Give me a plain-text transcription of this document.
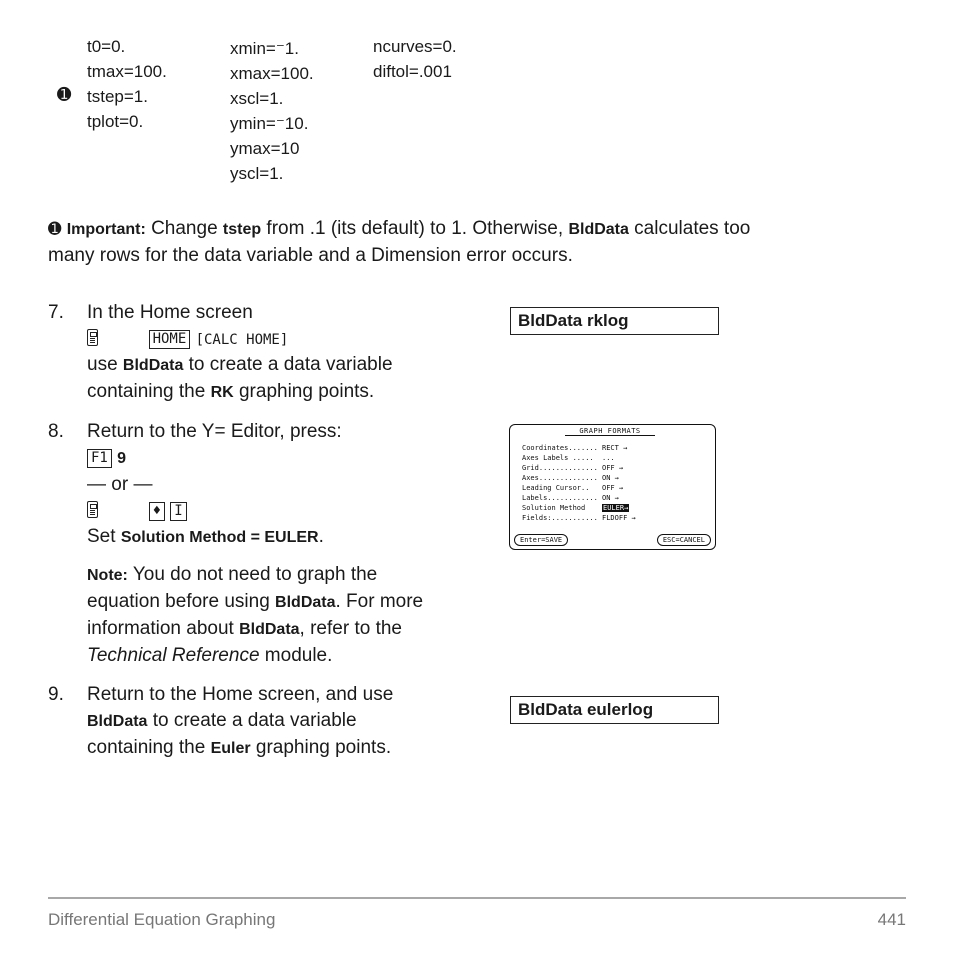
t0=0.
tmax=100.
tstep=1.
tplot=0.
➊
xmin=⁻1.
xmax=100.
xscl=1.
ymin=⁻10.
ymax=10
yscl=1.
ncurves=0.
diftol=.001
➊ Important: Change tstep from .1 (its default) to 1. Otherwise, BldData calculates too
many rows for the data variable and a Dimension error occurs.
7. In the Home screen
HOME [CALC HOME]
use BldData to create a data variable
containing the RK graphing points.
BldData rklog
8. Return to the Y= Editor, press:
F1 9
— or —
♦ I
Set Solution Method = EULER.
Note: You do not need to graph the
equation before using BldData. For more
information about BldData, refer to the
Technical Reference module.
GRAPH FORMATS
Coordinates....... RECT →
Axes Labels ..... ...
Grid.............. OFF →
Axes.............. ON →
Leading Cursor.. OFF →
Labels............ ON →
Solution Method	EULER→
Fields:........... FLDOFF →
Enter=SAVE	ESC=CANCEL
9. Return to the Home screen, and use
BldData to create a data variable
containing the Euler graphing points.
BldData eulerlog
Differential Equation Graphing	441
